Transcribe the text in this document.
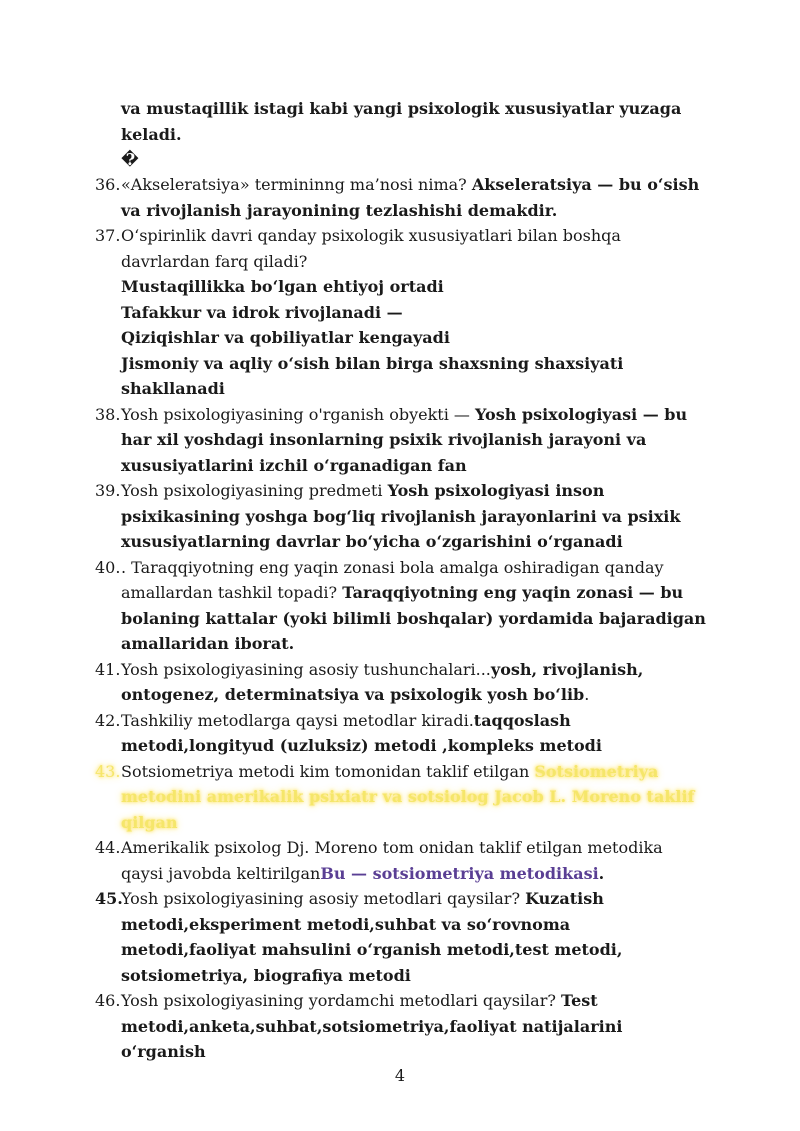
va mustaqillik istagi kabi yangi psixologik xususiyatlar yuzaga keladi.

�

36. «Akseleratsiya» termininng ma’nosi nima? Akseleratsiya — bu o‘sish va rivojlanish jarayonining tezlashishi demakdir.
37. O‘spirinlik davri qanday psixologik xususiyatlari bilan boshqa davrlardan farq qiladi?

Mustaqillikka bo‘lgan ehtiyoj ortadi

Tafakkur va idrok rivojlanadi —

Qiziqishlar va qobiliyatlar kengayadi

Jismoniy va aqliy o‘sish bilan birga shaxsning shaxsiyati shakllanadi

38. Yosh psixologiyasining o'rganish obyekti — Yosh psixologiyasi — bu har xil yoshdagi insonlarning psixik rivojlanish jarayoni va xususiyatlarini izchil o‘rganadigan fan
39. Yosh psixologiyasining predmeti Yosh psixologiyasi inson psixikasining yoshga bog‘liq rivojlanish jarayonlarini va psixik xususiyatlarning davrlar bo‘yicha o‘zgarishini o‘rganadi
40. . Taraqqiyotning eng yaqin zonasi bola amalga oshiradigan qanday amallardan tashkil topadi? Taraqqiyotning eng yaqin zonasi — bu bolaning kattalar (yoki bilimli boshqalar) yordamida bajaradigan amallaridan iborat.
41. Yosh psixologiyasining asosiy tushunchalari...yosh, rivojlanish, ontogenez, determinatsiya va psixologik yosh bo‘lib.
42. Tashkiliy metodlarga qaysi metodlar kiradi.taqqoslash metodi,longityud (uzluksiz) metodi ,kompleks metodi
43. Sotsiometriya metodi kim tomonidan taklif etilgan Sotsiometriya metodini amerikalik psixiatr va sotsiolog Jacob L. Moreno taklif qilgan
44. Amerikalik psixolog Dj. Moreno tom onidan taklif etilgan metodika qaysi javobda keltirilganBu — sotsiometriya metodikasi.
45.
Yosh psixologiyasining asosiy metodlari qaysilar? Kuzatish metodi,eksperiment metodi,suhbat va so‘rovnoma metodi,faoliyat mahsulini o‘rganish metodi,test metodi, sotsiometriya, biografiya metodi
46. Yosh psixologiyasining yordamchi metodlari qaysilar? Test metodi,anketa,suhbat,sotsiometriya,faoliyat natijalarini o‘rganish
4
